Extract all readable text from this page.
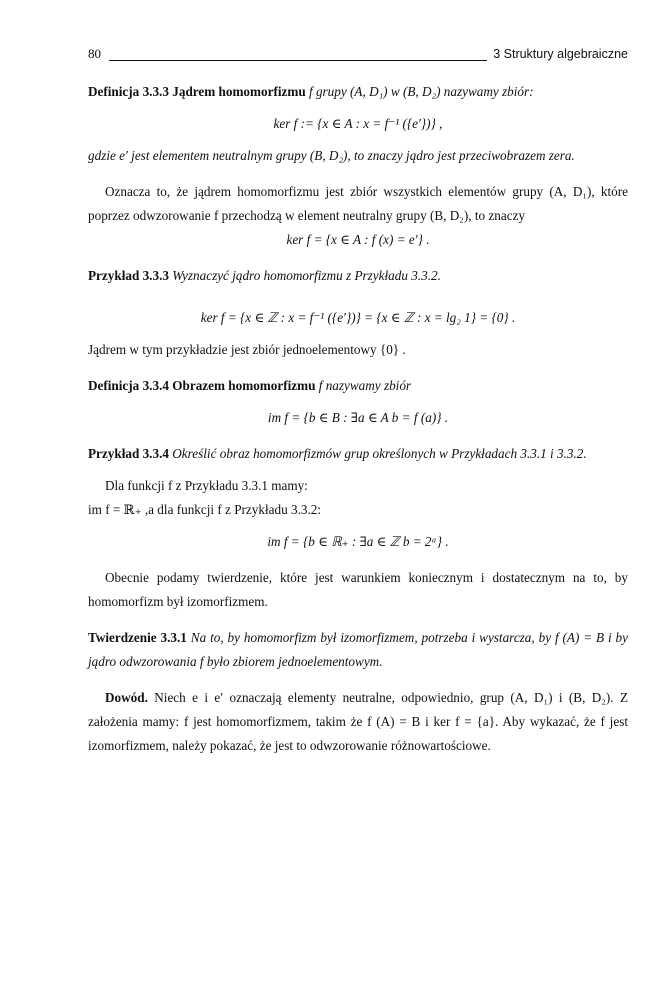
80	3 Struktury algebraiczne

Definicja 3.3.3 Jądrem homomorfizmu f grupy (A, D₁) w (B, D₂) nazywamy zbiór:

ker f := {x ∈ A : x = f⁻¹ ({e′})} ,

gdzie e′ jest elementem neutralnym grupy (B, D₂), to znaczy jądro jest przeciwobrazem zera.

Oznacza to, że jądrem homomorfizmu jest zbiór wszystkich elementów grupy (A, D₁), które poprzez odwzorowanie f przechodzą w element neutralny grupy (B, D₂), to znaczy

ker f = {x ∈ A : f (x) = e′} .

Przykład 3.3.3 Wyznaczyć jądro homomorfizmu z Przykładu 3.3.2.

ker f = {x ∈ ℤ : x = f⁻¹ ({e′})} = {x ∈ ℤ : x = lg₂ 1} = {0} .

Jądrem w tym przykładzie jest zbiór jednoelementowy {0} .

Definicja 3.3.4 Obrazem homomorfizmu f nazywamy zbiór

im f = {b ∈ B : ∃a ∈ A b = f (a)} .

Przykład 3.3.4 Określić obraz homomorfizmów grup określonych w Przykładach 3.3.1 i 3.3.2.

Dla funkcji f z Przykładu 3.3.1 mamy:

im f = ℝ₊ ,a dla funkcji f z Przykładu 3.3.2:

im f = {b ∈ ℝ₊ : ∃a ∈ ℤ b = 2ᵃ} .

Obecnie podamy twierdzenie, które jest warunkiem koniecznym i dostatecznym na to, by homomorfizm był izomorfizmem.

Twierdzenie 3.3.1 Na to, by homomorfizm był izomorfizmem, potrzeba i wystarcza, by f (A) = B i by jądro odwzorowania f było zbiorem jednoelementowym.

Dowód. Niech e i e′ oznaczają elementy neutralne, odpowiednio, grup (A, D₁) i (B, D₂). Z założenia mamy: f jest homomorfizmem, takim że f (A) = B i ker f = {a}. Aby wykazać, że f jest izomorfizmem, należy pokazać, że jest to odwzorowanie różnowartościowe.
